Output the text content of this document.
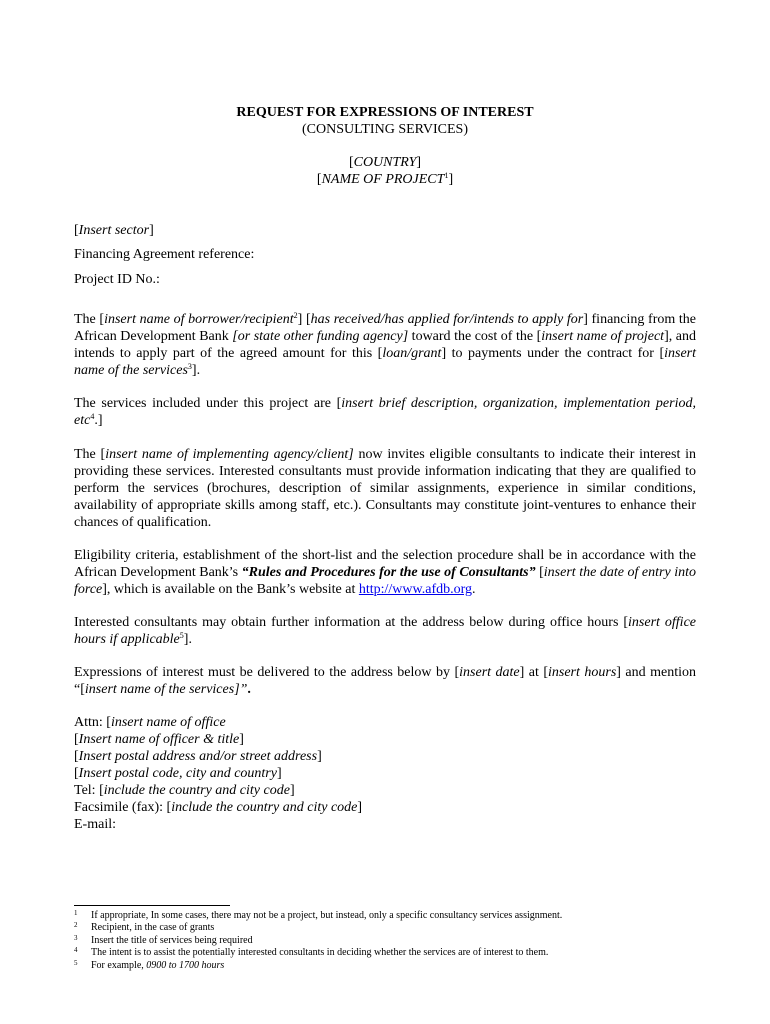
REQUEST FOR EXPRESSIONS OF INTEREST
(CONSULTING SERVICES)
[COUNTRY]
[NAME OF PROJECT$^1$]
[Insert sector]
Financing Agreement reference:
Project ID No.:
The [insert name of borrower/recipient$^2$] [has received/has applied for/intends to apply for] financing from the African Development Bank [or state other funding agency] toward the cost of the [insert name of project], and intends to apply part of the agreed amount for this [loan/grant] to payments under the contract for [insert name of the services$^3$].
The services included under this project are [insert brief description, organization, implementation period, etc$^4$.]
The [insert name of implementing agency/client] now invites eligible consultants to indicate their interest in providing these services. Interested consultants must provide information indicating that they are qualified to perform the services (brochures, description of similar assignments, experience in similar conditions, availability of appropriate skills among staff, etc.). Consultants may constitute joint-ventures to enhance their chances of qualification.
Eligibility criteria, establishment of the short-list and the selection procedure shall be in accordance with the African Development Bank’s “Rules and Procedures for the use of Consultants” [insert the date of entry into force], which is available on the Bank’s website at http://www.afdb.org.
Interested consultants may obtain further information at the address below during office hours [insert office hours if applicable$^5$].
Expressions of interest must be delivered to the address below by [insert date] at [insert hours] and mention “[insert name of the services]”.
Attn: [insert name of office
[Insert name of officer & title]
[Insert postal address and/or street address]
[Insert postal code, city and country]
Tel: [include the country and city code]
Facsimile (fax): [include the country and city code]
E-mail:
1 If appropriate, In some cases, there may not be a project, but instead, only a specific consultancy services assignment.
2 Recipient, in the case of grants
3 Insert the title of services being required
4 The intent is to assist the potentially interested consultants in deciding whether the services are of interest to them.
5 For example, 0900 to 1700 hours
